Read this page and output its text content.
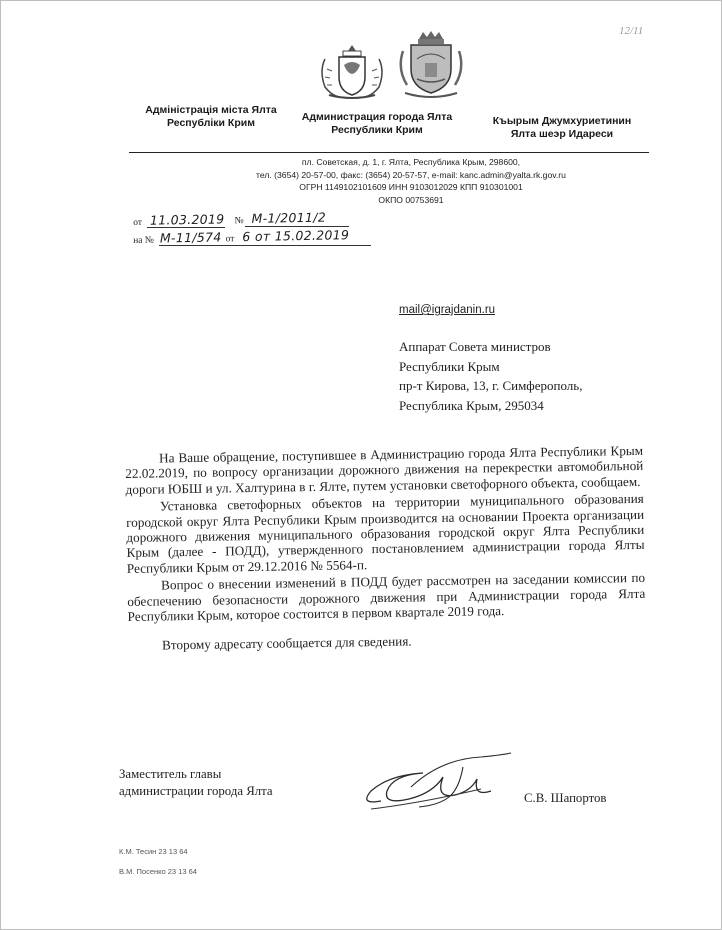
12/11
Адміністрація міста Ялта
Республіки Крим	Администрация города Ялта
Республики Крим
Къырым Джумхуриетинин
Ялта шеэр Идареси
пл. Советская, д. 1, г. Ялта, Республика Крым, 298600,
тел. (3654) 20-57-00, факс: (3654) 20-57-57, e-mail: kanc.admin@yalta.rk.gov.ru
ОГРН 1149102101609 ИНН 9103012029 КПП 910301001
ОКПО 00753691
от 11.03.2019 № М-1/2011/2
на № М-11/574 от 6 от 15.02.2019
mail@igrajdanin.ru
Аппарат Совета министров
Республики Крым
пр-т Кирова, 13, г. Симферополь,
Республика Крым, 295034

На Ваше обращение, поступившее в Администрацию города Ялта Республики Крым 22.02.2019, по вопросу организации дорожного движения на перекрестки автомобильной дороги ЮБШ и ул. Халтурина в г. Ялте, путем установки светофорного объекта, сообщаем.

Установка светофорных объектов на территории муниципального образования городской округ Ялта Республики Крым производится на основании Проекта организации дорожного движения муниципального образования городской округ Ялта Республики Крым (далее - ПОДД), утвержденного постановлением администрации города Ялты Республики Крым от 29.12.2016 № 5564-п.

Вопрос о внесении изменений в ПОДД будет рассмотрен на заседании комиссии по обеспечению безопасности дорожного движения при Администрации города Ялта Республики Крым, которое состоится в первом квартале 2019 года.

Второму адресату сообщается для сведения.

Заместитель главы
администрации города Ялта	С.В. Шапортов
К.М. Тесин 23 13 64
В.М. Посенко 23 13 64
